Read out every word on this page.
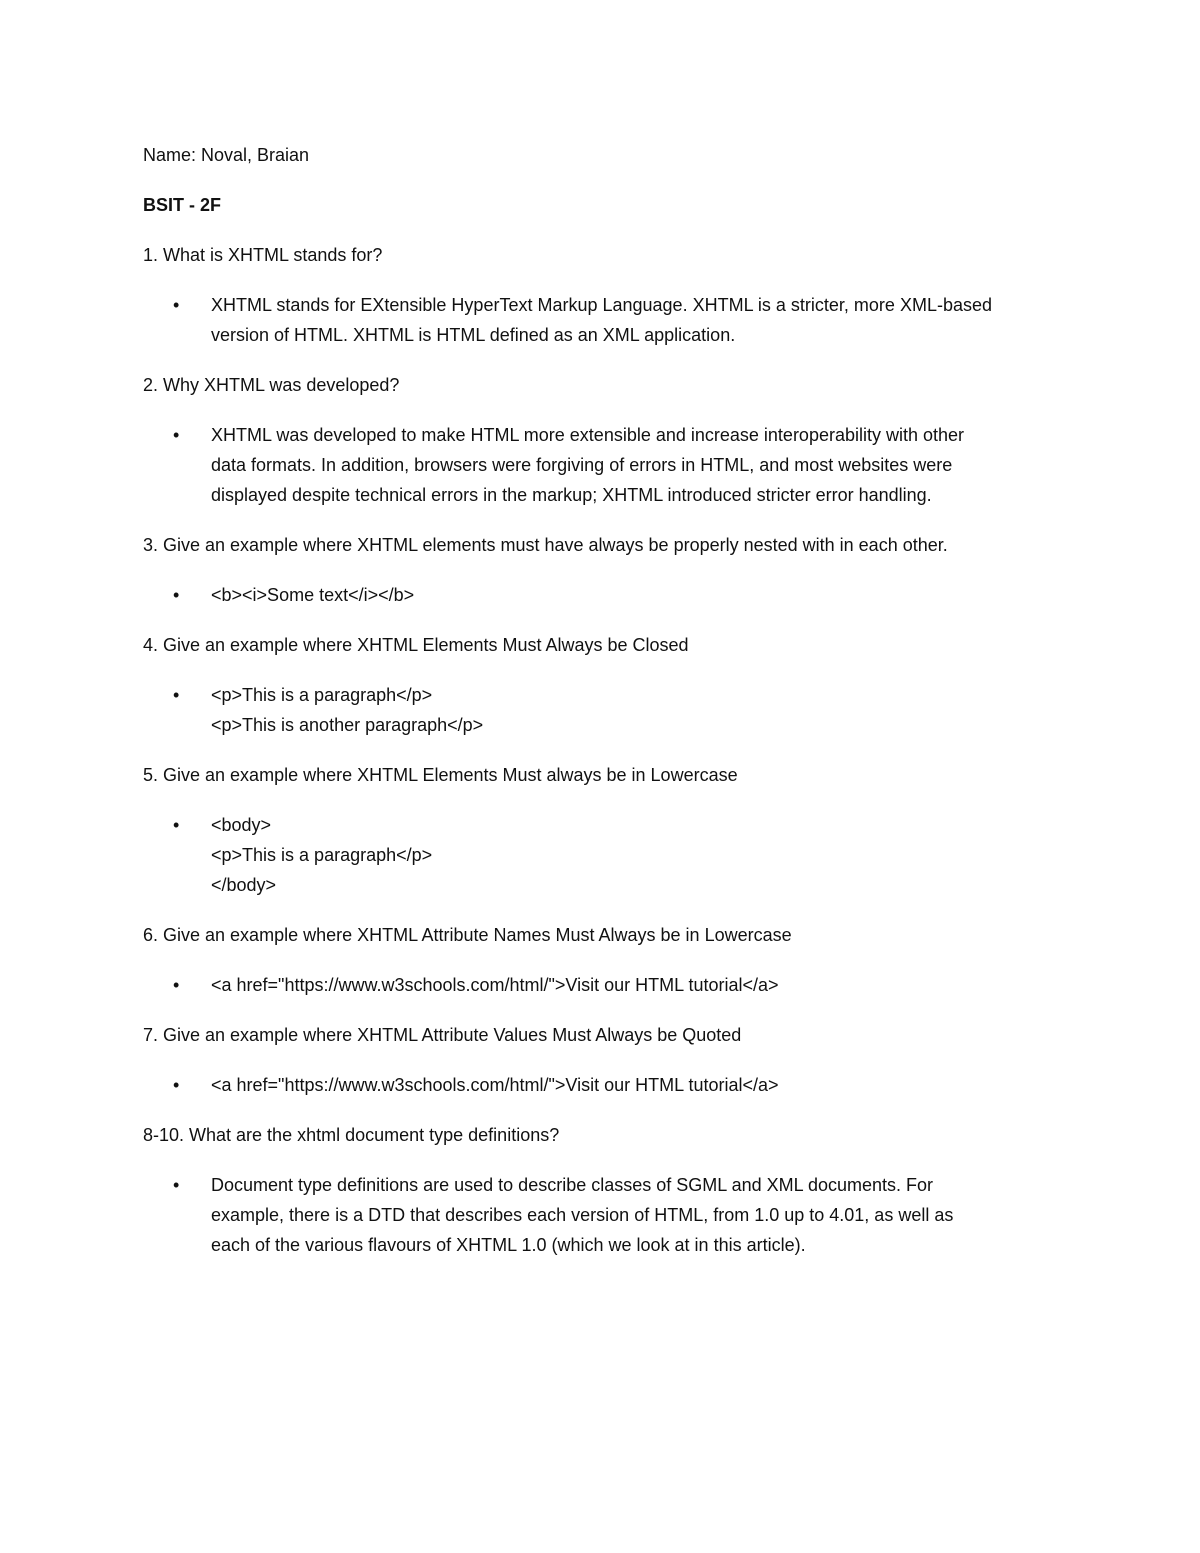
Name: Noval, Braian

BSIT - 2F

1. What is XHTML stands for?

•	XHTML stands for EXtensible HyperText Markup Language. XHTML is a stricter, more XML-based
version of HTML. XHTML is HTML defined as an XML application.

2. Why XHTML was developed?

•	XHTML was developed to make HTML more extensible and increase interoperability with other
data formats. In addition, browsers were forgiving of errors in HTML, and most websites were
displayed despite technical errors in the markup; XHTML introduced stricter error handling.

3. Give an example where XHTML elements must have always be properly nested with in each other.

•	<b><i>Some text</i></b>

4. Give an example where XHTML Elements Must Always be Closed

•	<p>This is a paragraph</p>
<p>This is another paragraph</p>

5. Give an example where XHTML Elements Must always be in Lowercase

•	<body>
<p>This is a paragraph</p>
</body>

6. Give an example where XHTML Attribute Names Must Always be in Lowercase

•	<a href="https://www.w3schools.com/html/">Visit our HTML tutorial</a>

7. Give an example where XHTML Attribute Values Must Always be Quoted

•	<a href="https://www.w3schools.com/html/">Visit our HTML tutorial</a>

8-10. What are the xhtml document type definitions?

•	Document type definitions are used to describe classes of SGML and XML documents. For
example, there is a DTD that describes each version of HTML, from 1.0 up to 4.01, as well as
each of the various flavours of XHTML 1.0 (which we look at in this article).
